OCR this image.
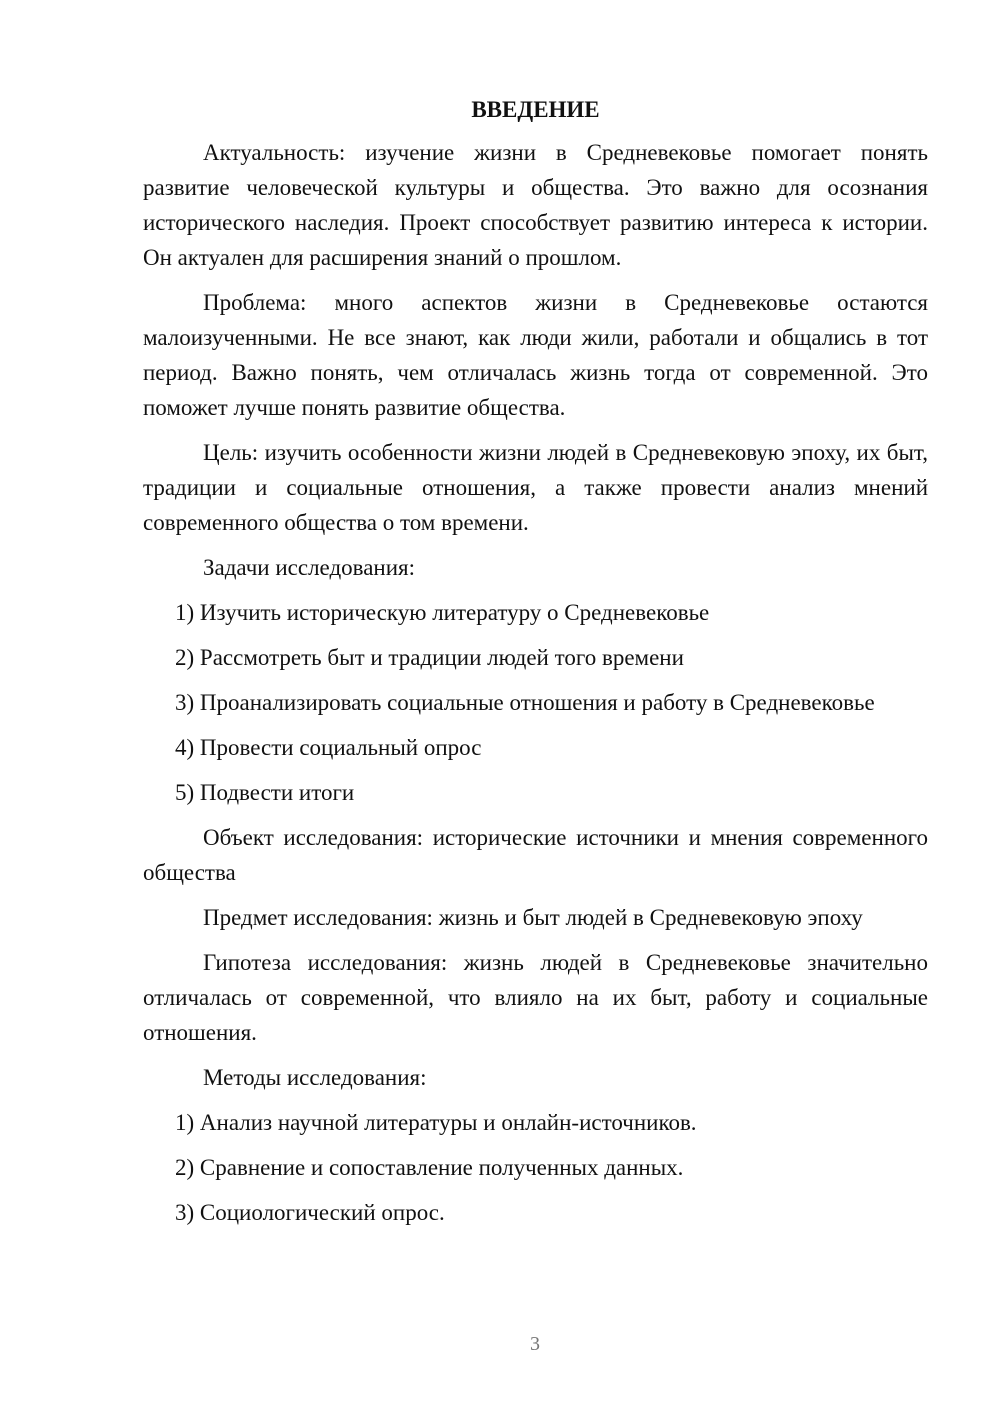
ВВЕДЕНИЕ

Актуальность: изучение жизни в Средневековье помогает понять развитие человеческой культуры и общества. Это важно для осознания исторического наследия. Проект способствует развитию интереса к истории. Он актуален для расширения знаний о прошлом.

Проблема: много аспектов жизни в Средневековье остаются малоизученными. Не все знают, как люди жили, работали и общались в тот период. Важно понять, чем отличалась жизнь тогда от современной. Это поможет лучше понять развитие общества.

Цель: изучить особенности жизни людей в Средневековую эпоху, их быт, традиции и социальные отношения, а также провести анализ мнений современного общества о том времени.

Задачи исследования:

1) Изучить историческую литературу о Средневековье

2) Рассмотреть быт и традиции людей того времени

3) Проанализировать социальные отношения и работу в Средневековье

4) Провести социальный опрос

5) Подвести итоги

Объект исследования: исторические источники и мнения современного общества

Предмет исследования: жизнь и быт людей в Средневековую эпоху

Гипотеза исследования: жизнь людей в Средневековье значительно отличалась от современной, что влияло на их быт, работу и социальные отношения.

Методы исследования:

1) Анализ научной литературы и онлайн-источников.

2) Сравнение и сопоставление полученных данных.

3) Социологический опрос.

3
